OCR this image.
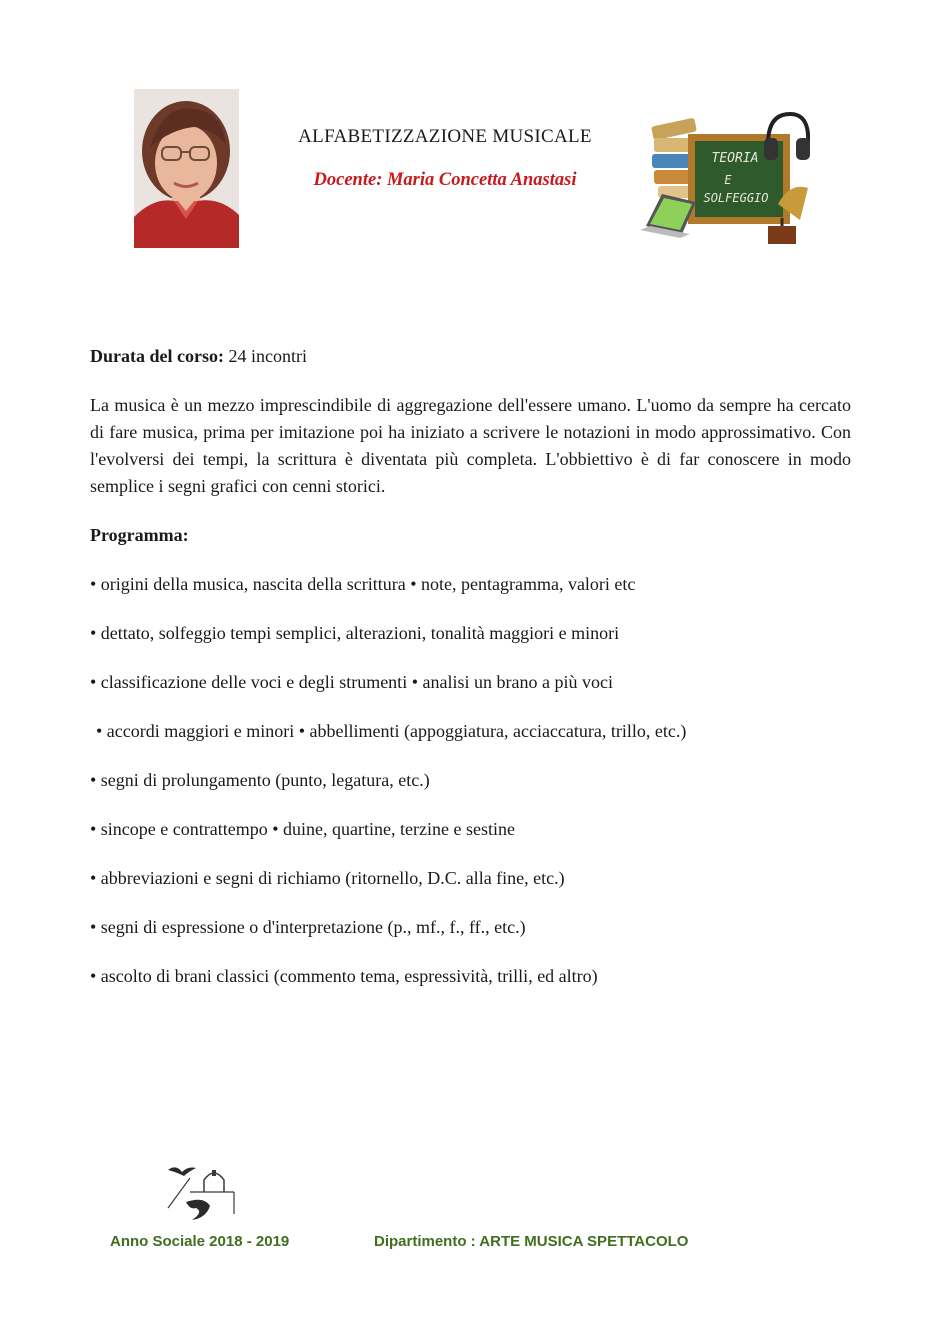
ALFABETIZZAZIONE MUSICALE
Docente: Maria Concetta Anastasi
TEORIA
E
SOLFEGGIO

Durata del corso: 24 incontri

La musica è un mezzo imprescindibile di aggregazione dell'essere umano. L'uomo da sempre ha cercato di fare musica, prima per imitazione poi ha iniziato a scrivere le notazioni in modo approssimativo. Con l'evolversi dei tempi, la scrittura è diventata più completa. L'obbiettivo è di far conoscere in modo semplice i segni grafici con cenni storici.

Programma:

• origini della musica, nascita della scrittura • note, pentagramma, valori etc
• dettato, solfeggio tempi semplici, alterazioni, tonalità maggiori e minori
• classificazione delle voci e degli strumenti • analisi un brano a più voci
• accordi maggiori e minori • abbellimenti (appoggiatura, acciaccatura, trillo, etc.)
• segni di prolungamento (punto, legatura, etc.)
• sincope e contrattempo • duine, quartine, terzine e sestine
• abbreviazioni e segni di richiamo (ritornello, D.C. alla fine, etc.)
• segni di espressione o d'interpretazione (p., mf., f., ff., etc.)
• ascolto di brani classici (commento tema, espressività, trilli, ed altro)
Anno Sociale 2018 - 2019	Dipartimento : ARTE MUSICA SPETTACOLO
